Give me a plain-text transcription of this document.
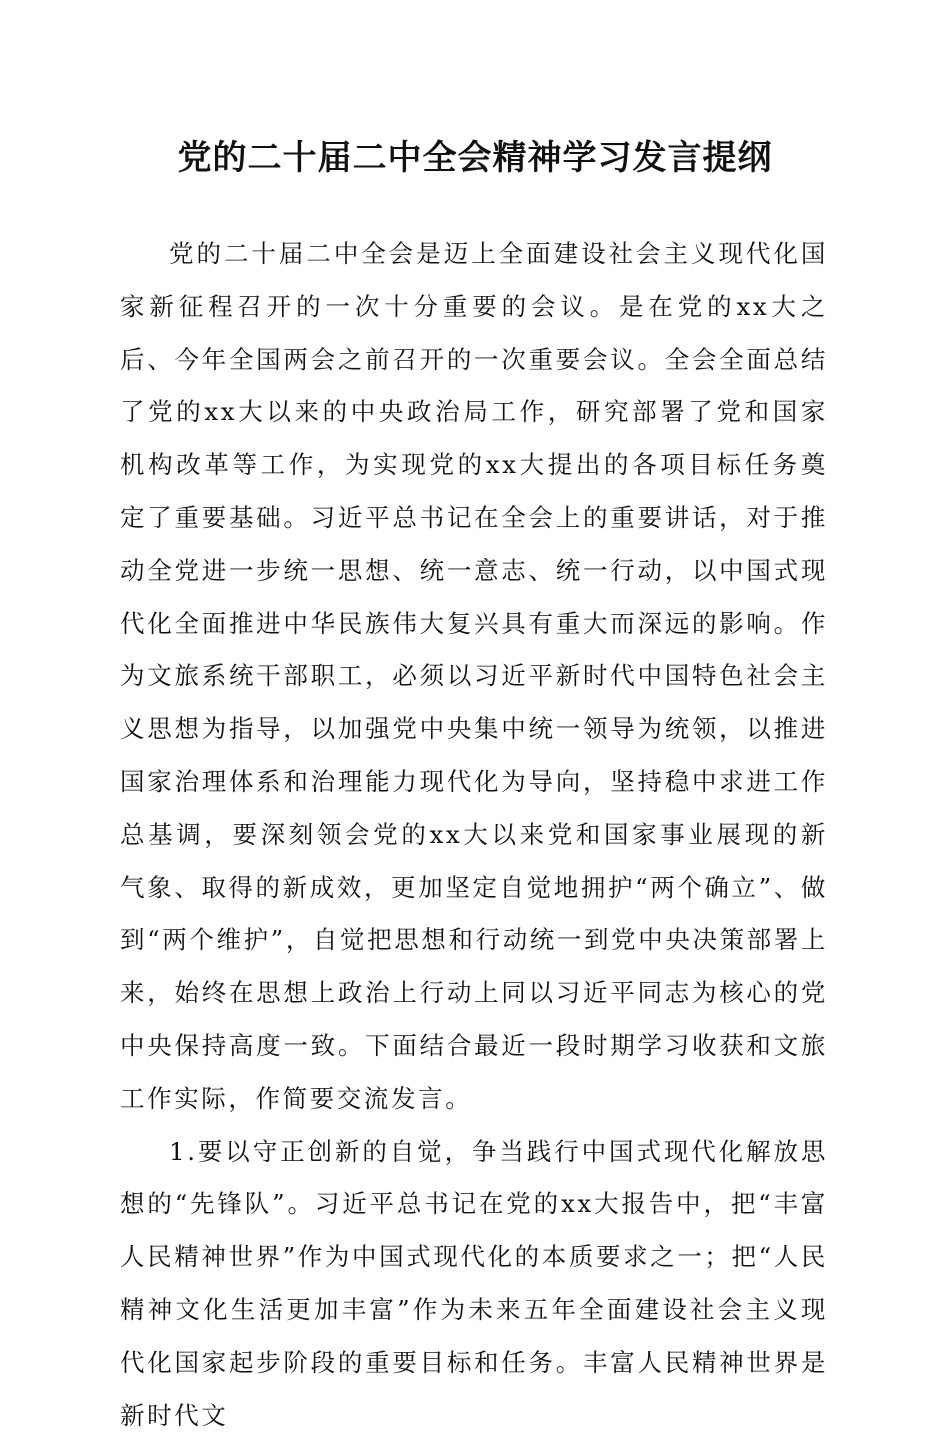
党的二十届二中全会精神学习发言提纲

党的二十届二中全会是迈上全面建设社会主义现代化国家新征程召开的一次十分重要的会议。是在党的xx大之后、今年全国两会之前召开的一次重要会议。全会全面总结了党的xx大以来的中央政治局工作，研究部署了党和国家机构改革等工作，为实现党的xx大提出的各项目标任务奠定了重要基础。习近平总书记在全会上的重要讲话，对于推动全党进一步统一思想、统一意志、统一行动，以中国式现代化全面推进中华民族伟大复兴具有重大而深远的影响。作为文旅系统干部职工，必须以习近平新时代中国特色社会主义思想为指导，以加强党中央集中统一领导为统领，以推进国家治理体系和治理能力现代化为导向，坚持稳中求进工作总基调，要深刻领会党的xx大以来党和国家事业展现的新气象、取得的新成效，更加坚定自觉地拥护“两个确立”、做到“两个维护”，自觉把思想和行动统一到党中央决策部署上来，始终在思想上政治上行动上同以习近平同志为核心的党中央保持高度一致。下面结合最近一段时期学习收获和文旅工作实际，作简要交流发言。

1.要以守正创新的自觉，争当践行中国式现代化解放思想的“先锋队”。习近平总书记在党的xx大报告中，把“丰富人民精神世界”作为中国式现代化的本质要求之一；把“人民精神文化生活更加丰富”作为未来五年全面建设社会主义现代化国家起步阶段的重要目标和任务。丰富人民精神世界是新时代文
